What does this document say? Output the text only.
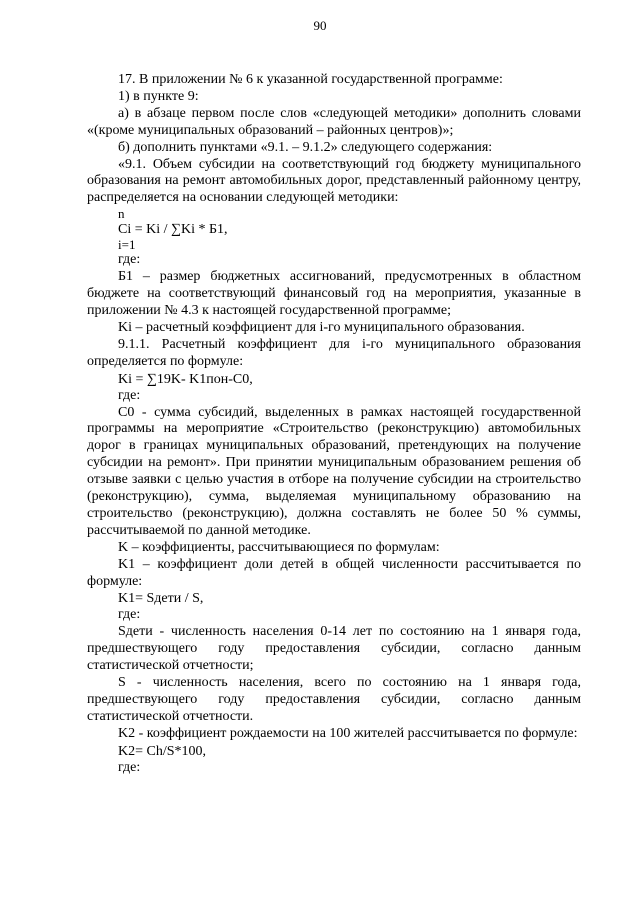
90

17. В приложении № 6 к указанной государственной программе:

1) в пункте 9:

а) в абзаце первом после слов «следующей методики» дополнить словами «(кроме муниципальных образований – районных центров)»;

б) дополнить пунктами «9.1. – 9.1.2» следующего содержания:

«9.1. Объем субсидии на соответствующий год бюджету муниципального образования на ремонт автомобильных дорог, представленный районному центру, распределяется на основании следующей методики:

n
Ci = Ki / ∑Ki * Б1,
i=1
где:

Б1 – размер бюджетных ассигнований, предусмотренных в областном бюджете на соответствующий финансовый год на мероприятия, указанные в приложении № 4.3 к настоящей государственной программе;

Ki – расчетный коэффициент для i-го муниципального образования.

9.1.1. Расчетный коэффициент для i-го муниципального образования определяется по формуле:

Ki = ∑19K- K1пон-C0,
где:

C0 - сумма субсидий, выделенных в рамках настоящей государственной программы на мероприятие «Строительство (реконструкцию) автомобильных дорог в границах муниципальных образований, претендующих на получение субсидии на ремонт». При принятии муниципальным образованием решения об отзыве заявки с целью участия в отборе на получение субсидии на строительство (реконструкцию), сумма, выделяемая муниципальному образованию на строительство (реконструкцию), должна составлять не более 50 % суммы, рассчитываемой по данной методике.

K – коэффициенты, рассчитывающиеся по формулам:

K1 – коэффициент доли детей в общей численности рассчитывается по формуле:

K1= Sдети / S,
где:

Sдети - численность населения 0-14 лет по состоянию на 1 января года, предшествующего году предоставления субсидии, согласно данным статистической отчетности;

S - численность населения, всего по состоянию на 1 января года, предшествующего году предоставления субсидии, согласно данным статистической отчетности.

K2 - коэффициент рождаемости на 100 жителей рассчитывается по формуле:

K2= Ch/S*100,
где:
